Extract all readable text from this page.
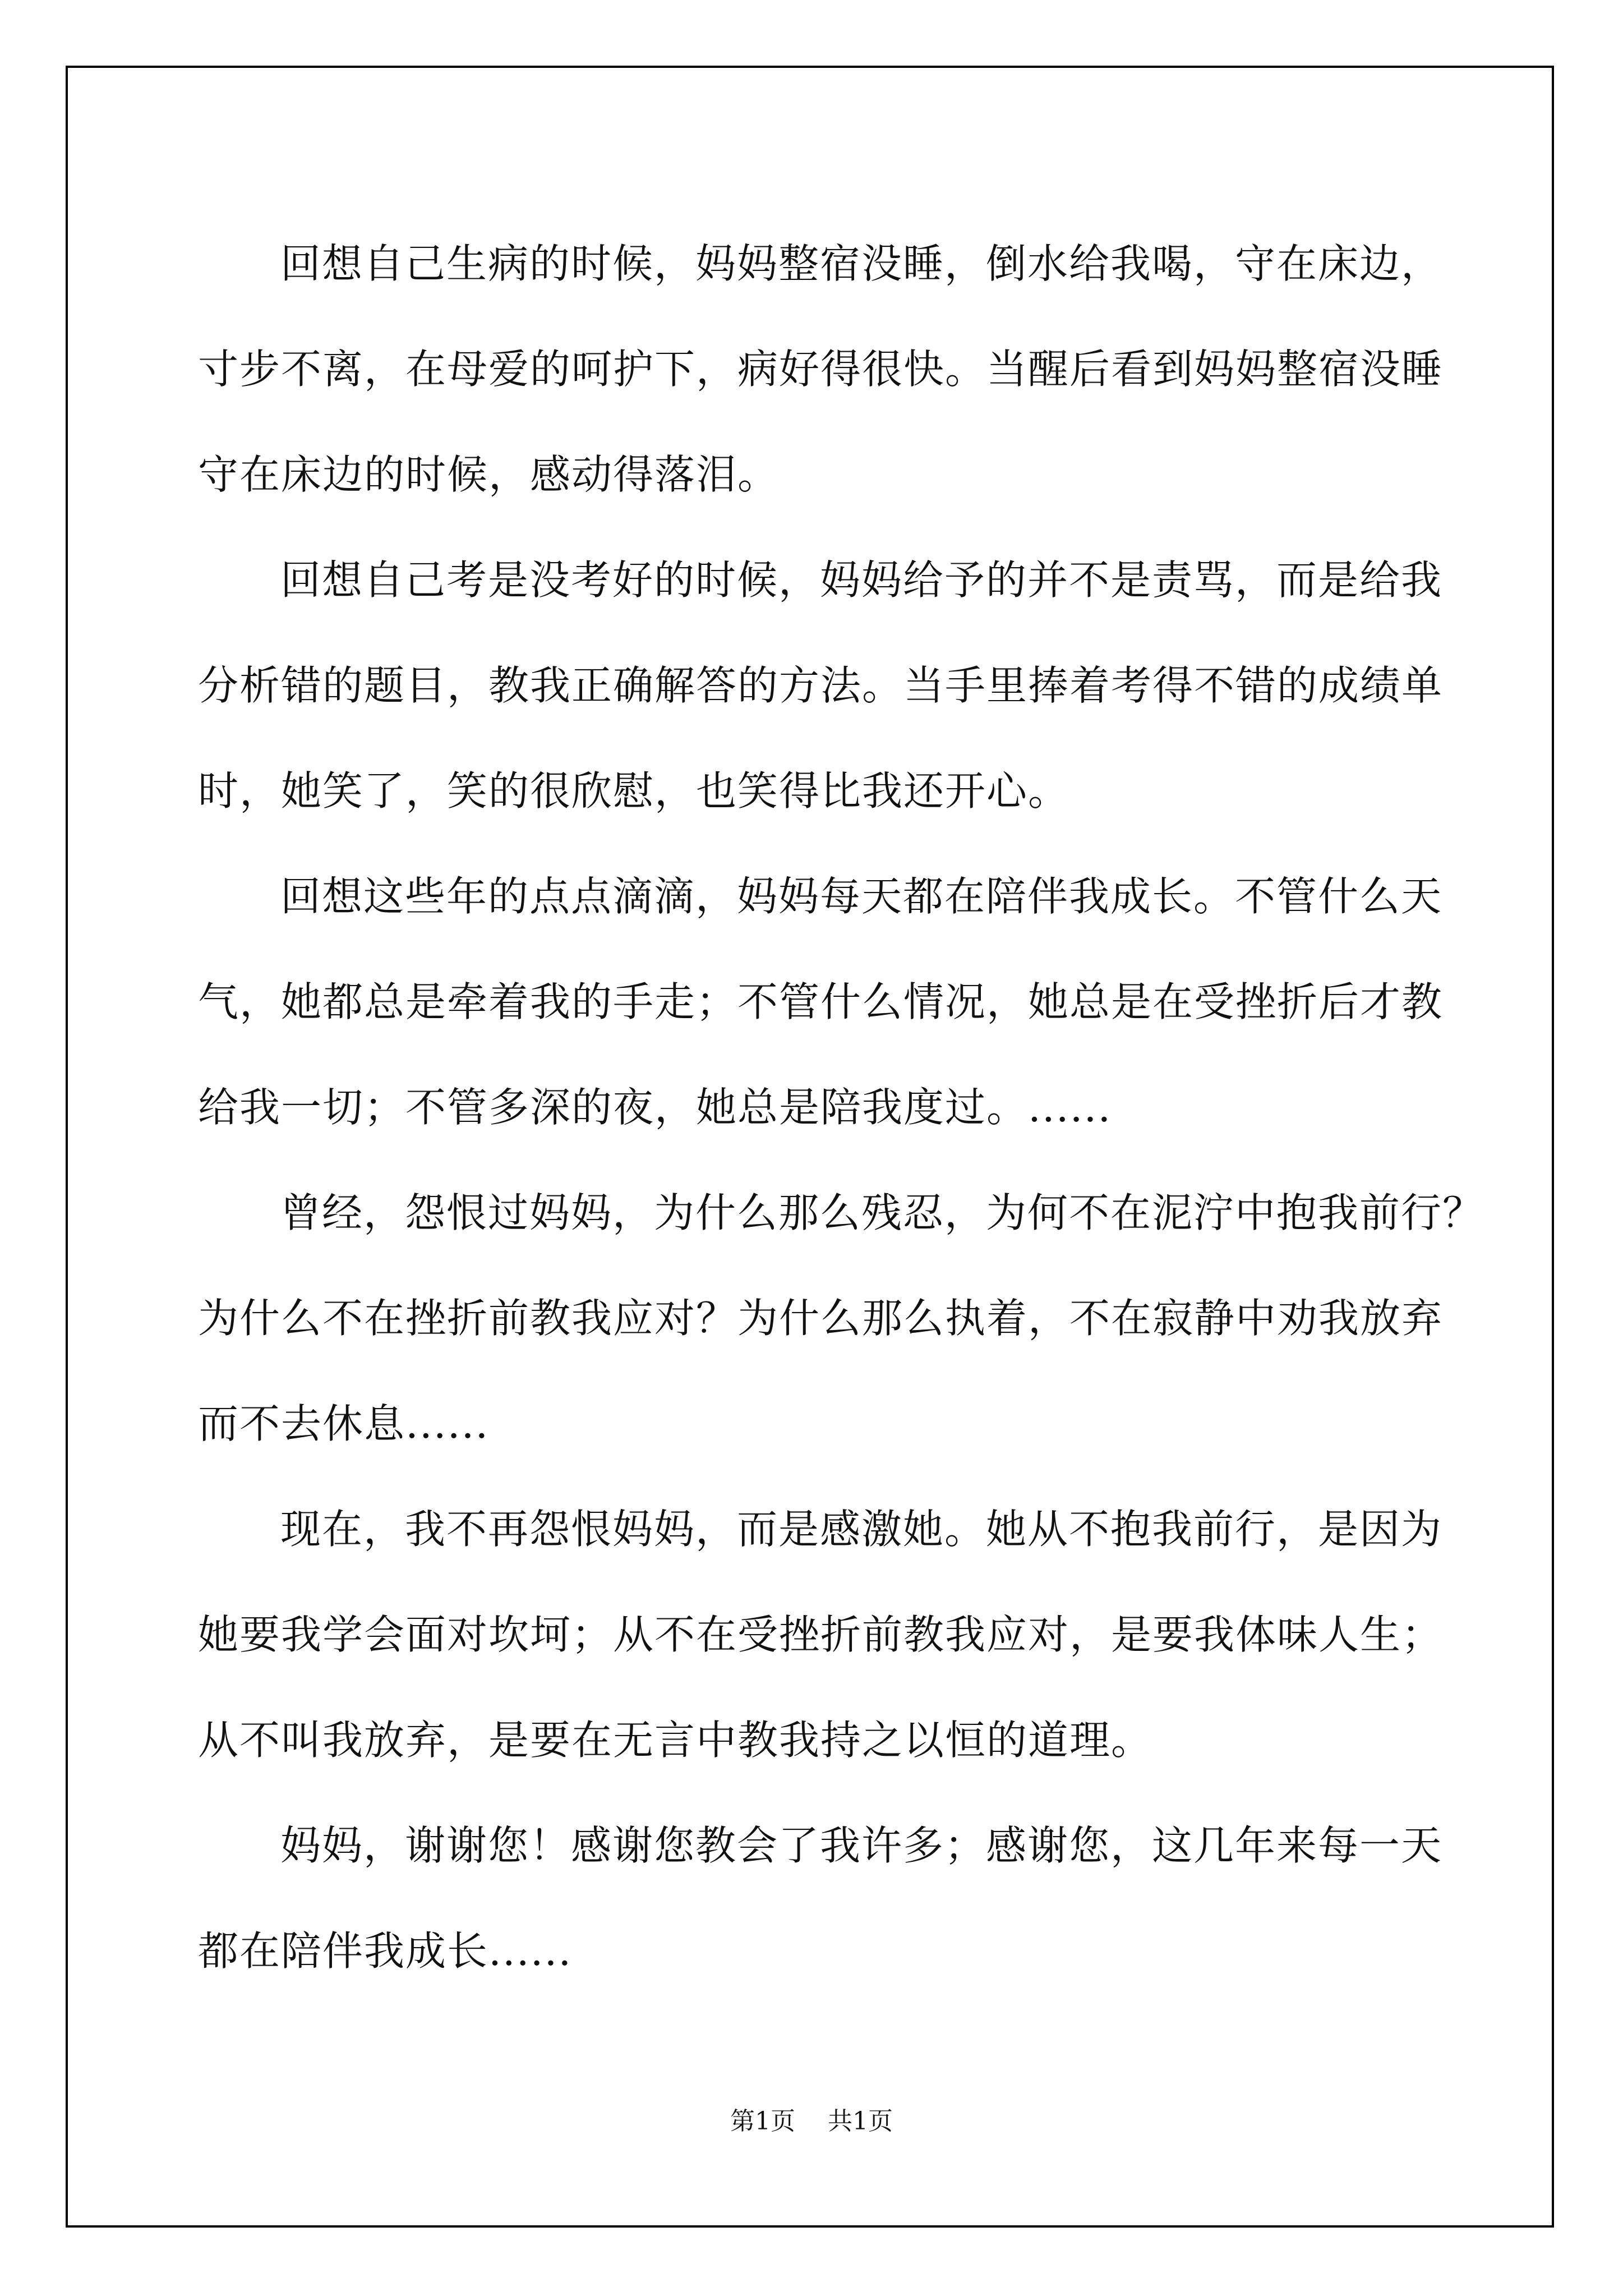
回想自己生病的时候，妈妈整宿没睡，倒水给我喝，守在床边，
寸步不离，在母爱的呵护下，病好得很快。当醒后看到妈妈整宿没睡
守在床边的时候，感动得落泪。
回想自己考是没考好的时候，妈妈给予的并不是责骂，而是给我
分析错的题目，教我正确解答的方法。当手里捧着考得不错的成绩单
时，她笑了，笑的很欣慰，也笑得比我还开心。
回想这些年的点点滴滴，妈妈每天都在陪伴我成长。不管什么天
气，她都总是牵着我的手走；不管什么情况，她总是在受挫折后才教
给我一切；不管多深的夜，她总是陪我度过。......
曾经，怨恨过妈妈，为什么那么残忍，为何不在泥泞中抱我前行？
为什么不在挫折前教我应对？为什么那么执着，不在寂静中劝我放弃
而不去休息......
现在，我不再怨恨妈妈，而是感激她。她从不抱我前行，是因为
她要我学会面对坎坷；从不在受挫折前教我应对，是要我体味人生；
从不叫我放弃，是要在无言中教我持之以恒的道理。
妈妈，谢谢您！感谢您教会了我许多；感谢您，这几年来每一天
都在陪伴我成长......
第1页 共1页
